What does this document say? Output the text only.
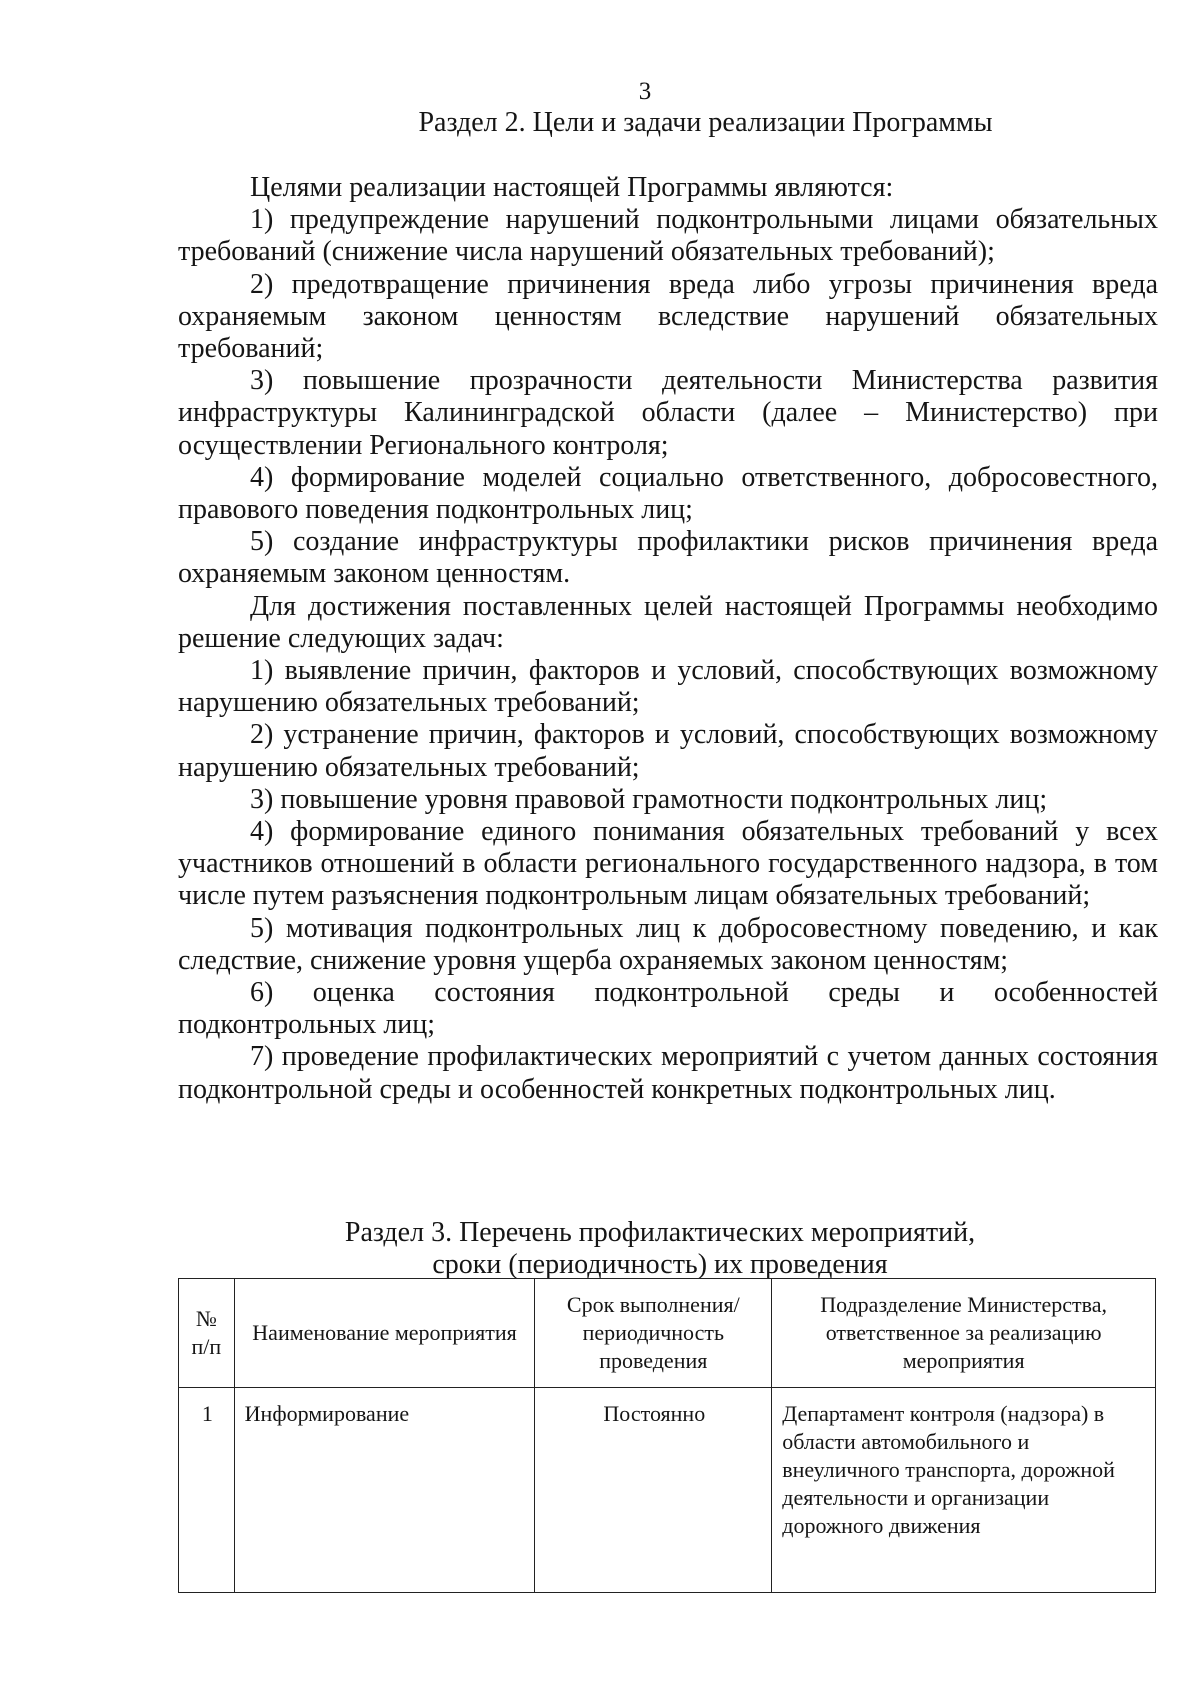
3
Раздел 2. Цели и задачи реализации Программы

Целями реализации настоящей Программы являются:

1) предупреждение нарушений подконтрольными лицами обязательных требований (снижение числа нарушений обязательных требований);

2) предотвращение причинения вреда либо угрозы причинения вреда охраняемым законом ценностям вследствие нарушений обязательных требований;

3) повышение прозрачности деятельности Министерства развития инфраструктуры Калининградской области (далее – Министерство) при осуществлении Регионального контроля;

4) формирование моделей социально ответственного, добросовестного, правового поведения подконтрольных лиц;

5) создание инфраструктуры профилактики рисков причинения вреда охраняемым законом ценностям.

Для достижения поставленных целей настоящей Программы необходимо решение следующих задач:

1) выявление причин, факторов и условий, способствующих возможному нарушению обязательных требований;

2) устранение причин, факторов и условий, способствующих возможному нарушению обязательных требований;

3) повышение уровня правовой грамотности подконтрольных лиц;

4) формирование единого понимания обязательных требований у всех участников отношений в области регионального государственного надзора, в том числе путем разъяснения подконтрольным лицам обязательных требований;

5) мотивация подконтрольных лиц к добросовестному поведению, и как следствие, снижение уровня ущерба охраняемых законом ценностям;

6) оценка состояния подконтрольной среды и особенностей подконтрольных лиц;

7) проведение профилактических мероприятий с учетом данных состояния подконтрольной среды и особенностей конкретных подконтрольных лиц.

Раздел 3. Перечень профилактических мероприятий,
сроки (периодичность) их проведения
№ п/п	Наименование мероприятия	Срок выполнения/ периодичность проведения	Подразделение Министерства, ответственное за реализацию мероприятия
1	Информирование	Постоянно	Департамент контроля (надзора) в области автомобильного и внеуличного транспорта, дорожной деятельности и организации дорожного движения
